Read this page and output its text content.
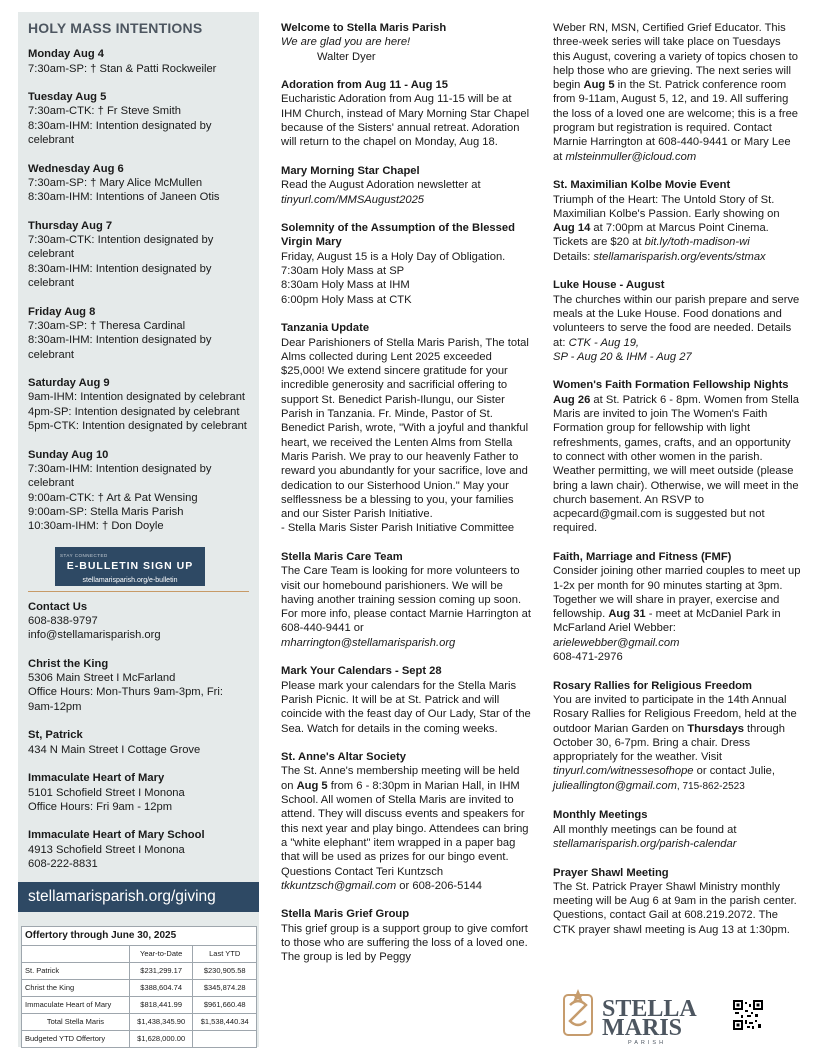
HOLY MASS INTENTIONS
Monday Aug 4
7:30am-SP: † Stan & Patti Rockweiler
Tuesday Aug 5
7:30am-CTK: † Fr Steve Smith
8:30am-IHM: Intention designated by celebrant
Wednesday Aug 6
7:30am-SP: † Mary Alice McMullen
8:30am-IHM: Intentions of Janeen Otis
Thursday Aug 7
7:30am-CTK: Intention designated by celebrant
8:30am-IHM: Intention designated by celebrant
Friday Aug 8
7:30am-SP: † Theresa Cardinal
8:30am-IHM: Intention designated by celebrant
Saturday Aug 9
9am-IHM: Intention designated by celebrant
4pm-SP: Intention designated by celebrant
5pm-CTK: Intention designated by celebrant
Sunday Aug 10
7:30am-IHM: Intention designated by celebrant
9:00am-CTK: † Art & Pat Wensing
9:00am-SP: Stella Maris Parish
10:30am-IHM: † Don Doyle
STAY CONNECTED
E-BULLETIN SIGN UP
stellamarisparish.org/e-bulletin
Contact Us
608-838-9797
info@stellamarisparish.org
Christ the King
5306 Main Street I McFarland
Office Hours: Mon-Thurs 9am-3pm, Fri: 9am-12pm
St, Patrick
434 N Main Street I Cottage Grove
Immaculate Heart of Mary
5101 Schofield Street I Monona
Office Hours: Fri 9am - 12pm
Immaculate Heart of Mary School
4913 Schofield Street I Monona
608-222-8831
stellamarisparish.org/giving
Offertory through June 30, 2025		
	Year-to-Date	Last YTD
St. Patrick	$231,299.17	$230,905.58
Christ the King	$388,604.74	$345,874.28
Immaculate Heart of Mary	$818,441.99	$961,660.48
Total Stella Maris	$1,438,345.90	$1,538,440.34
Budgeted YTD Offertory	$1,628,000.00	
Welcome to Stella Maris Parish
We are glad you are here!
Walter Dyer
Adoration from Aug 11 - Aug 15
Eucharistic Adoration from Aug 11-15 will be at IHM Church, instead of Mary Morning Star Chapel because of the Sisters' annual retreat. Adoration will return to the chapel on Monday, Aug 18.
Mary Morning Star Chapel
Read the August Adoration newsletter at
tinyurl.com/MMSAugust2025
Solemnity of the Assumption of the Blessed Virgin Mary
Friday, August 15 is a Holy Day of Obligation.
7:30am Holy Mass at SP
8:30am Holy Mass at IHM
6:00pm Holy Mass at CTK
Tanzania Update
Dear Parishioners of Stella Maris Parish, The total Alms collected during Lent 2025 exceeded $25,000! We extend sincere gratitude for your incredible generosity and sacrificial offering to support St. Benedict Parish-Ilungu, our Sister Parish in Tanzania. Fr. Minde, Pastor of St. Benedict Parish, wrote, "With a joyful and thankful heart, we received the Lenten Alms from Stella Maris Parish. We pray to our heavenly Father to reward you abundantly for your sacrifice, love and dedication to our Sisterhood Union." May your selflessness be a blessing to you, your families and our Sister Parish Initiative.
- Stella Maris Sister Parish Initiative Committee
Stella Maris Care Team
The Care Team is looking for more volunteers to visit our homebound parishioners. We will be having another training session coming up soon. For more info, please contact Marnie Harrington at 608-440-9441 or
mharrington@stellamarisparish.org
Mark Your Calendars - Sept 28
Please mark your calendars for the Stella Maris Parish Picnic. It will be at St. Patrick and will coincide with the feast day of Our Lady, Star of the Sea. Watch for details in the coming weeks.
St. Anne's Altar Society
The St. Anne's membership meeting will be held on Aug 5 from 6 - 8:30pm in Marian Hall, in IHM School. All women of Stella Maris are invited to attend. They will discuss events and speakers for this next year and play bingo. Attendees can bring a "white elephant" item wrapped in a paper bag that will be used as prizes for our bingo event. Questions Contact Teri Kuntzsch tkkuntzsch@gmail.com or 608-206-5144
Stella Maris Grief Group
This grief group is a support group to give comfort to those who are suffering the loss of a loved one. The group is led by Peggy
Weber RN, MSN, Certified Grief Educator. This three-week series will take place on Tuesdays this August, covering a variety of topics chosen to help those who are grieving. The next series will begin Aug 5 in the St. Patrick conference room from 9-11am, August 5, 12, and 19. All suffering the loss of a loved one are welcome; this is a free program but registration is required. Contact Marnie Harrington at 608-440-9441 or Mary Lee at mlsteinmuller@icloud.com
St. Maximilian Kolbe Movie Event
Triumph of the Heart: The Untold Story of St. Maximilian Kolbe's Passion. Early showing on Aug 14 at 7:00pm at Marcus Point Cinema. Tickets are $20 at bit.ly/toth-madison-wi
Details: stellamarisparish.org/events/stmax
Luke House - August
The churches within our parish prepare and serve meals at the Luke House. Food donations and volunteers to serve the food are needed. Details at: CTK - Aug 19,
SP - Aug 20 & IHM - Aug 27
Women's Faith Formation Fellowship Nights
Aug 26 at St. Patrick 6 - 8pm. Women from Stella Maris are invited to join The Women's Faith Formation group for fellowship with light refreshments, games, crafts, and an opportunity to connect with other women in the parish. Weather permitting, we will meet outside (please bring a lawn chair). Otherwise, we will meet in the church basement. An RSVP to acpecard@gmail.com is suggested but not required.
Faith, Marriage and Fitness (FMF)
Consider joining other married couples to meet up 1-2x per month for 90 minutes starting at 3pm. Together we will share in prayer, exercise and fellowship. Aug 31 - meet at McDaniel Park in McFarland Ariel Webber: arielewebber@gmail.com
608-471-2976
Rosary Rallies for Religious Freedom
You are invited to participate in the 14th Annual Rosary Rallies for Religious Freedom, held at the outdoor Marian Garden on Thursdays through October 30, 6-7pm. Bring a chair. Dress appropriately for the weather. Visit tinyurl.com/witnessesofhope or contact Julie, julieallington@gmail.com, 715-862-2523
Monthly Meetings
All monthly meetings can be found at
stellamarisparish.org/parish-calendar
Prayer Shawl Meeting
The St. Patrick Prayer Shawl Ministry monthly meeting will be Aug 6 at 9am in the parish center. Questions, contact Gail at 608.219.2072. The CTK prayer shawl meeting is Aug 13 at 1:30pm.
STELLA
MARIS
PARISH
